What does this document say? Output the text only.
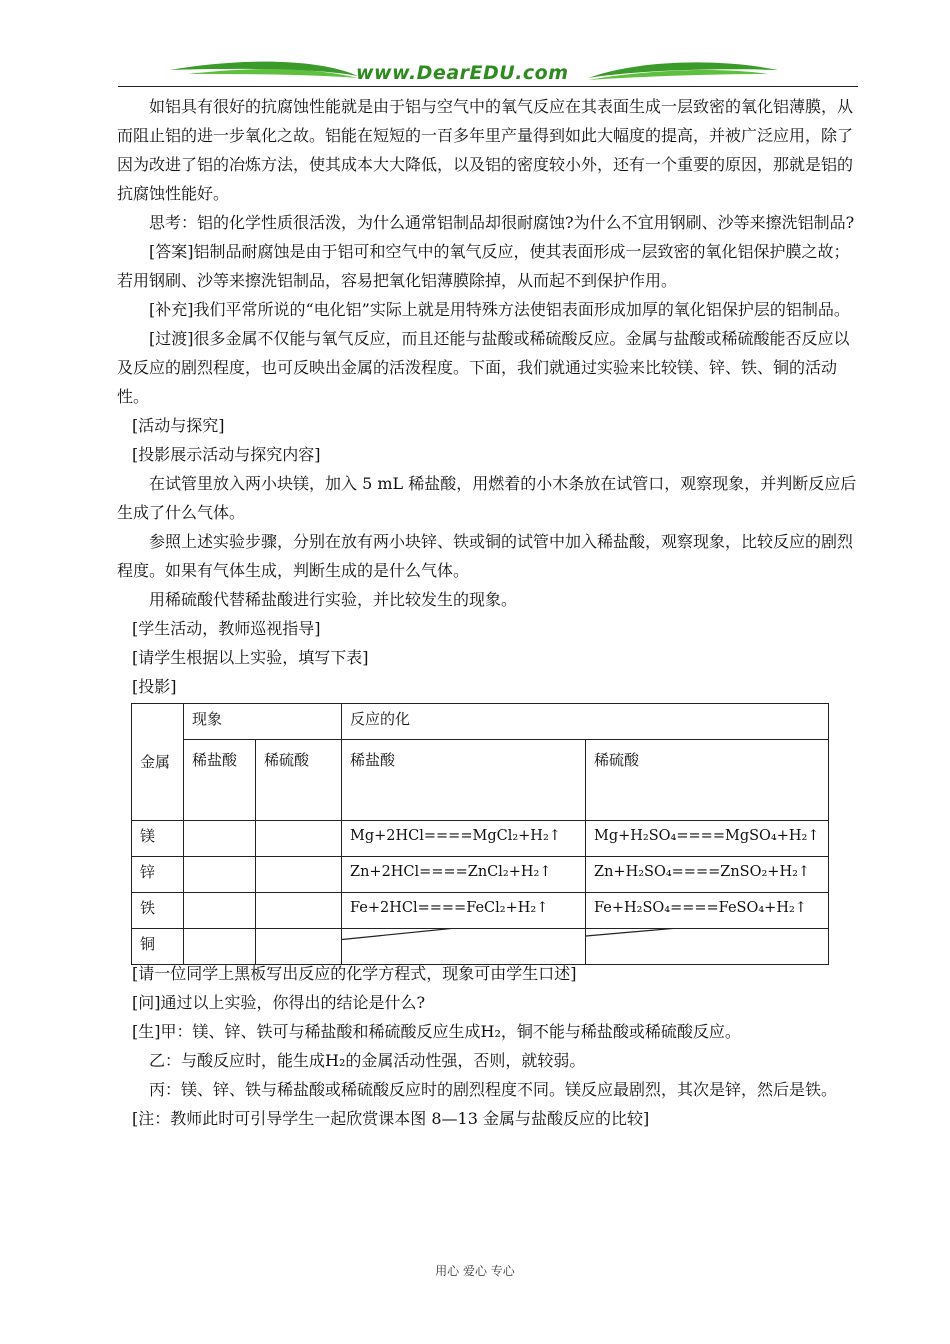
www.DearEDU.com

如铝具有很好的抗腐蚀性能就是由于铝与空气中的氧气反应在其表面生成一层致密的氧化铝薄膜，从而阻止铝的进一步氧化之故。铝能在短短的一百多年里产量得到如此大幅度的提高，并被广泛应用，除了因为改进了铝的冶炼方法，使其成本大大降低，以及铝的密度较小外，还有一个重要的原因，那就是铝的抗腐蚀性能好。

思考：铝的化学性质很活泼，为什么通常铝制品却很耐腐蚀?为什么不宜用钢刷、沙等来擦洗铝制品?

[答案]铝制品耐腐蚀是由于铝可和空气中的氧气反应，使其表面形成一层致密的氧化铝保护膜之故；若用钢刷、沙等来擦洗铝制品，容易把氧化铝薄膜除掉，从而起不到保护作用。

[补充]我们平常所说的“电化铝”实际上就是用特殊方法使铝表面形成加厚的氧化铝保护层的铝制品。

[过渡]很多金属不仅能与氧气反应，而且还能与盐酸或稀硫酸反应。金属与盐酸或稀硫酸能否反应以及反应的剧烈程度，也可反映出金属的活泼程度。下面，我们就通过实验来比较镁、锌、铁、铜的活动性。

[活动与探究]

[投影展示活动与探究内容]

在试管里放入两小块镁，加入 5 mL 稀盐酸，用燃着的小木条放在试管口，观察现象，并判断反应后生成了什么气体。

参照上述实验步骤，分别在放有两小块锌、铁或铜的试管中加入稀盐酸，观察现象，比较反应的剧烈程度。如果有气体生成，判断生成的是什么气体。

用稀硫酸代替稀盐酸进行实验，并比较发生的现象。

[学生活动，教师巡视指导]

[请学生根据以上实验，填写下表]

[投影]

金属	现象		反应的化	
	稀盐酸	稀硫酸	稀盐酸	稀硫酸
镁			Mg+2HCl====MgCl₂+H₂↑	Mg+H₂SO₄====MgSO₄+H₂↑
锌			Zn+2HCl====ZnCl₂+H₂↑	Zn+H₂SO₄====ZnSO₂+H₂↑
铁			Fe+2HCl====FeCl₂+H₂↑	Fe+H₂SO₄====FeSO₄+H₂↑
铜			

[请一位同学上黑板写出反应的化学方程式，现象可由学生口述]

[问]通过以上实验，你得出的结论是什么?

[生]甲：镁、锌、铁可与稀盐酸和稀硫酸反应生成H₂，铜不能与稀盐酸或稀硫酸反应。

乙：与酸反应时，能生成H₂的金属活动性强，否则，就较弱。

丙：镁、锌、铁与稀盐酸或稀硫酸反应时的剧烈程度不同。镁反应最剧烈，其次是锌，然后是铁。

[注：教师此时可引导学生一起欣赏课本图 8—13 金属与盐酸反应的比较]

用心 爱心 专心
